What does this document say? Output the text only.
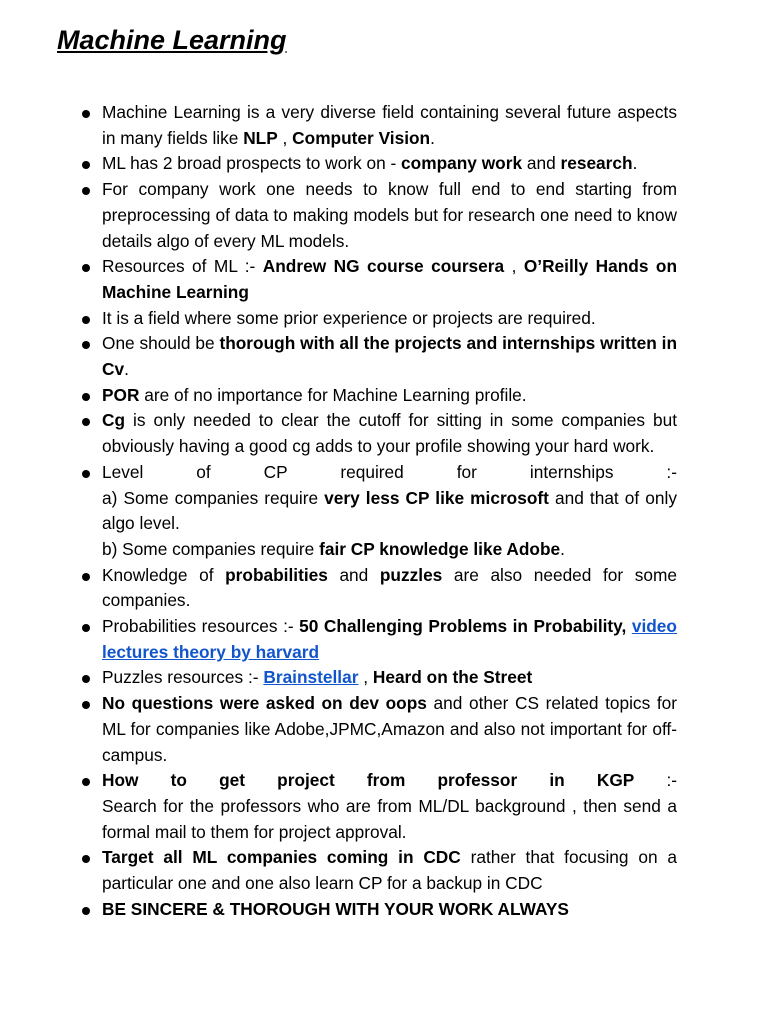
Machine Learning
Machine Learning is a very diverse field containing several future aspects in many fields like NLP , Computer Vision.
ML has 2 broad prospects to work on - company work and research.
For company work one needs to know full end to end starting from preprocessing of data to making models but for research one need to know details algo of every ML models.
Resources of ML :- Andrew NG course coursera , O’Reilly Hands on Machine Learning
It is a field where some prior experience or projects are required.
One should be thorough with all the projects and internships written in Cv.
POR are of no importance for Machine Learning profile.
Cg is only needed to clear the cutoff for sitting in some companies but obviously having a good cg adds to your profile showing your hard work.
Level of CP required for internships :-
a) Some companies require very less CP like microsoft and that of only algo level.
b) Some companies require fair CP knowledge like Adobe.
Knowledge of probabilities and puzzles are also needed for some companies.
Probabilities resources :- 50 Challenging Problems in Probability, video lectures theory by harvard
Puzzles resources :- Brainstellar , Heard on the Street
No questions were asked on dev oops and other CS related topics for ML for companies like Adobe,JPMC,Amazon and also not important for off-campus.
How to get project from professor in KGP :-
Search for the professors who are from ML/DL background , then send a formal mail to them for project approval.
Target all ML companies coming in CDC rather that focusing on a particular one and one also learn CP for a backup in CDC
BE SINCERE & THOROUGH WITH YOUR WORK ALWAYS
